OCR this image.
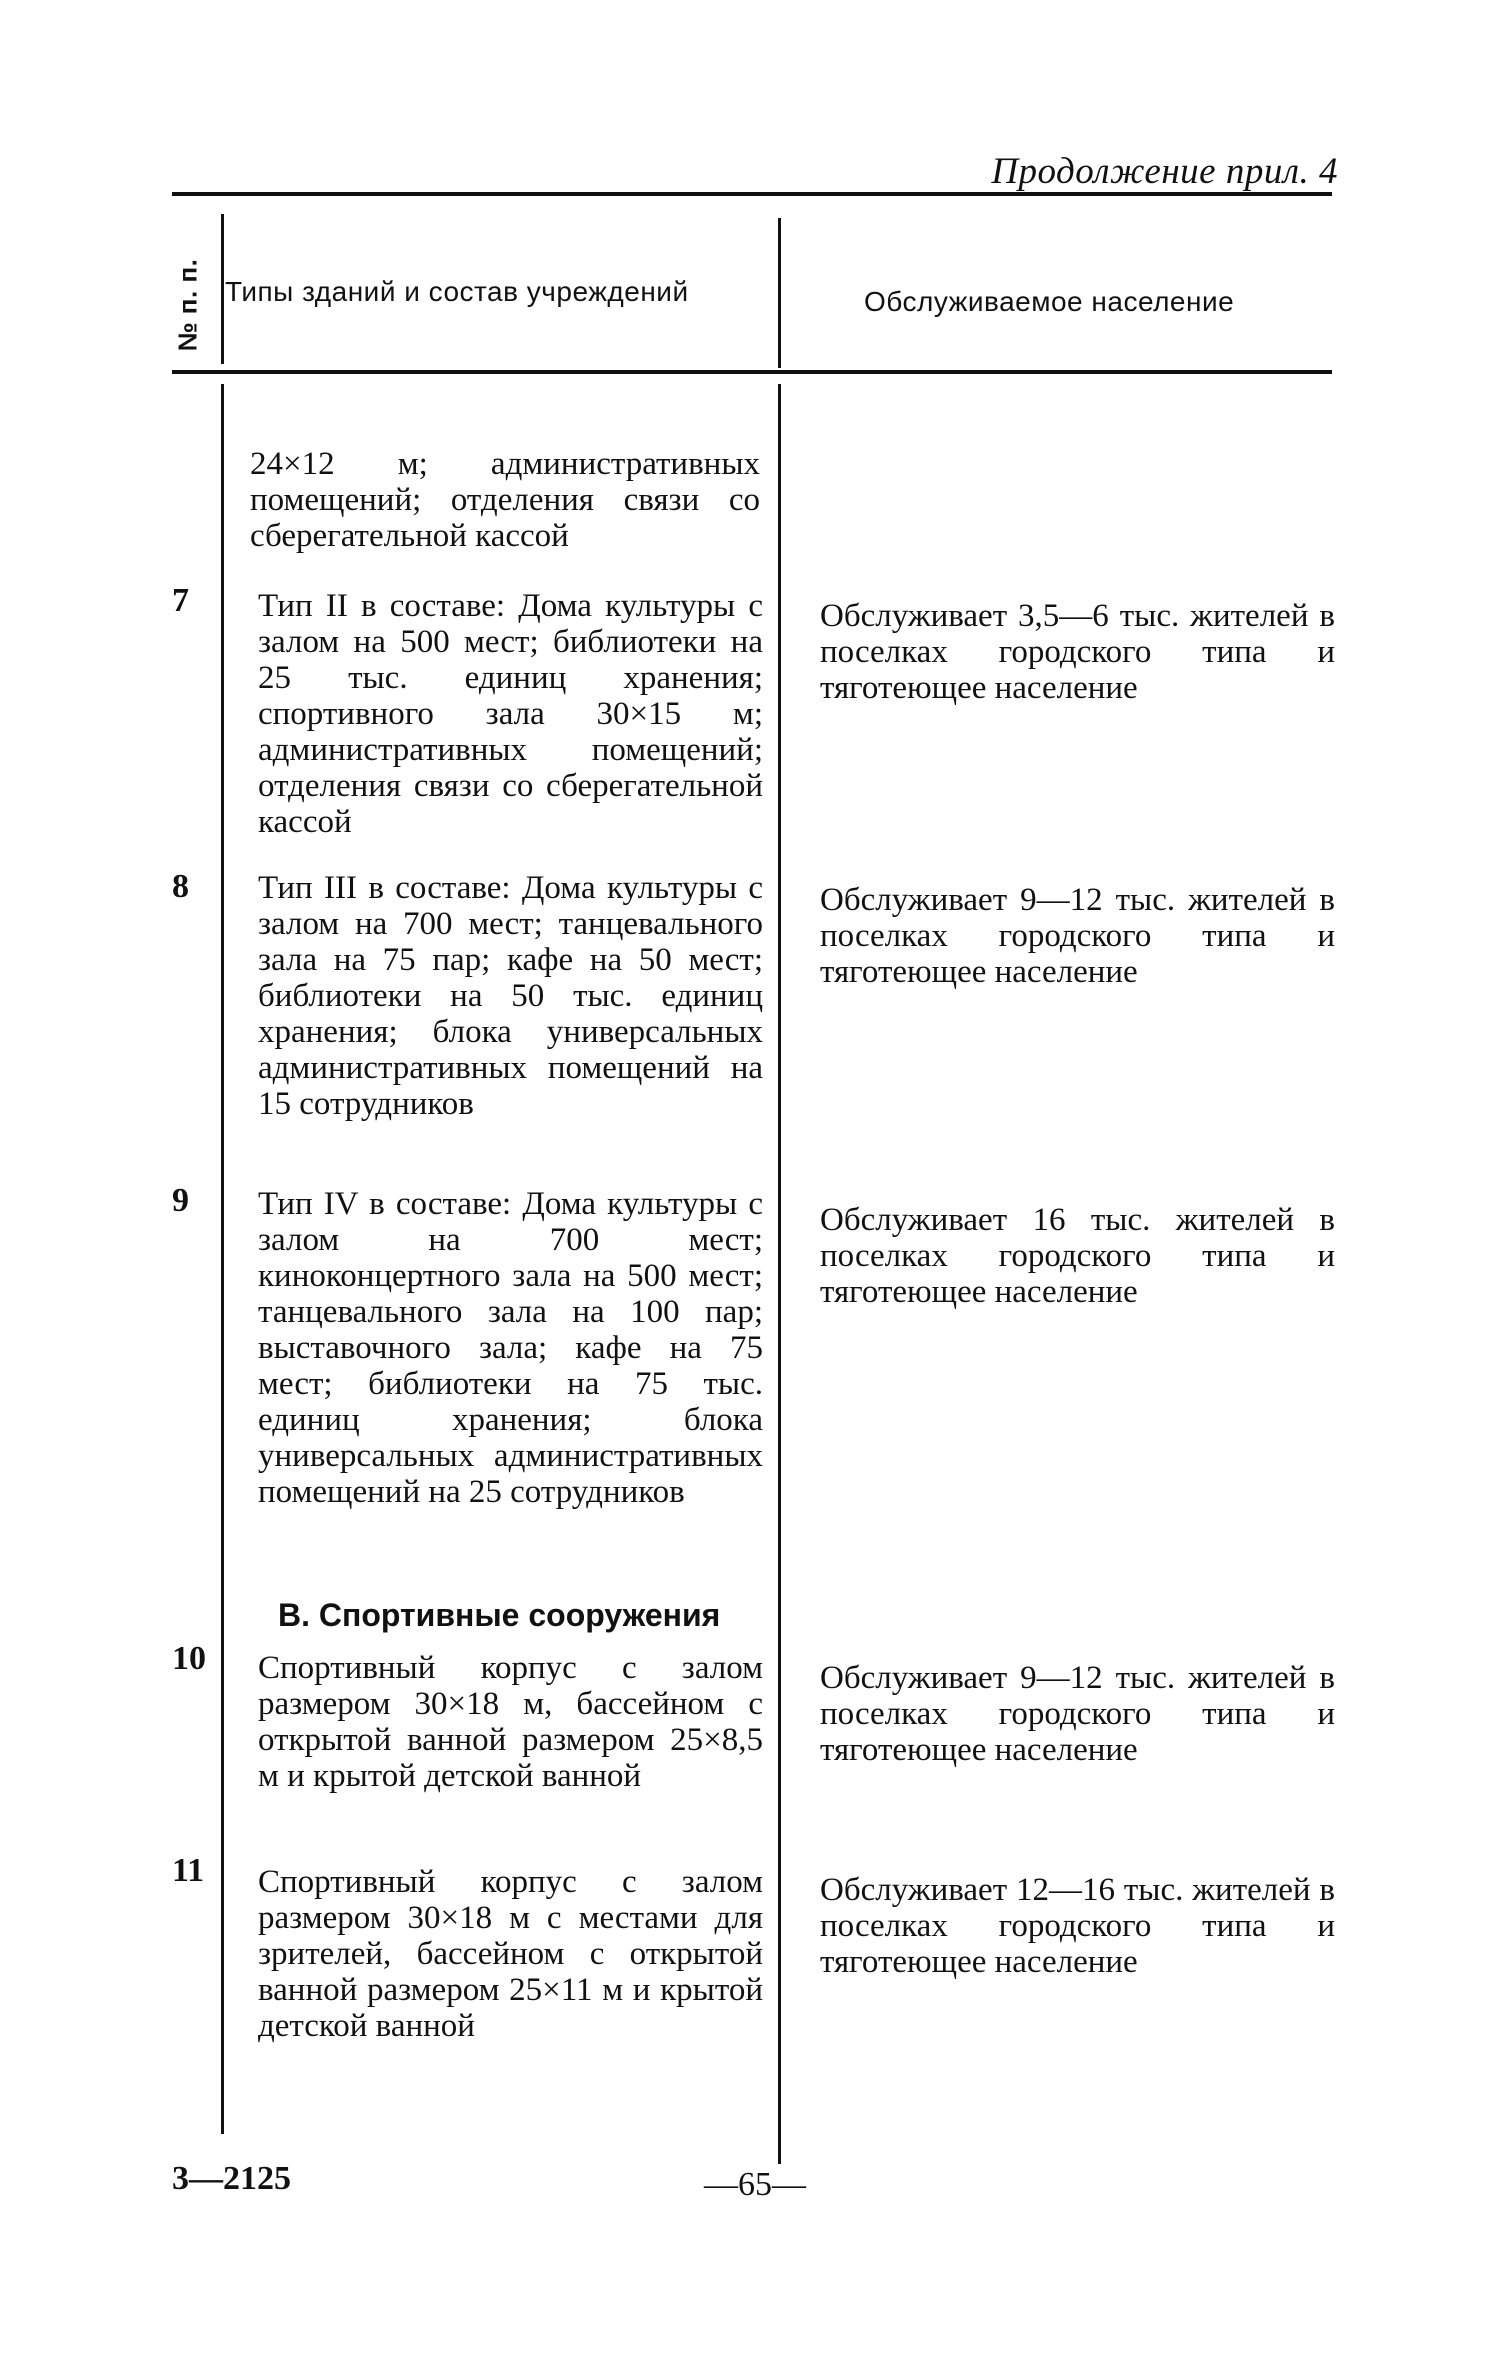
Продолжение прил. 4
№ п. п. Типы зданий и состав учреждений	Обслуживаемое население
24×12 м; административных помещений; отделения связи со сберегательной кассой
7 Тип II в составе: Дома культуры с залом на 500 мест; библиотеки на 25 тыс. единиц хранения; спортивного зала 30×15 м; административных помещений; отделения связи со сберегательной кассой
Обслуживает 3,5—6 тыс. жителей в поселках городского типа и тяготеющее население
8 Тип III в составе: Дома культуры с залом на 700 мест; танцевального зала на 75 пар; кафе на 50 мест; библиотеки на 50 тыс. единиц хранения; блока универсальных административных помещений на 15 сотрудников
Обслуживает 9—12 тыс. жителей в поселках городского типа и тяготеющее население
9 Тип IV в составе: Дома культуры с залом на 700 мест; киноконцертного зала на 500 мест; танцевального зала на 100 пар; выставочного зала; кафе на 75 мест; библиотеки на 75 тыс. единиц хранения; блока универсальных административных помещений на 25 сотрудников
Обслуживает 16 тыс. жителей в поселках городского типа и тяготеющее население
В. Спортивные сооружения
10 Спортивный корпус с залом размером 30×18 м, бассейном с открытой ванной размером 25×8,5 м и крытой детской ванной
Обслуживает 9—12 тыс. жителей в поселках городского типа и тяготеющее население
11 Спортивный корпус с залом размером 30×18 м с местами для зрителей, бассейном с открытой ванной размером 25×11 м и крытой детской ванной
Обслуживает 12—16 тыс. жителей в поселках городского типа и тяготеющее население
3—2125	—65—
